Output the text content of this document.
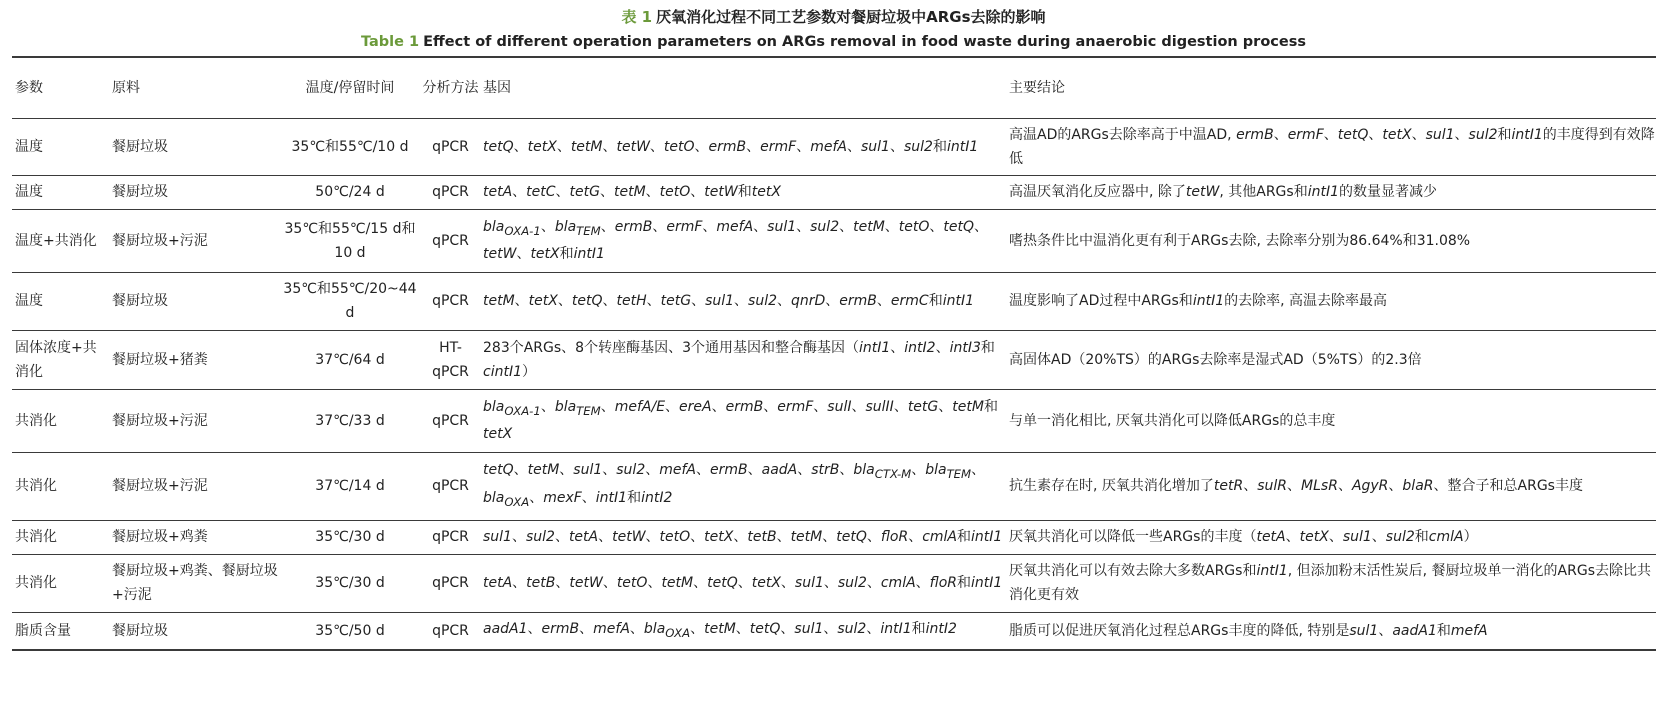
表 1 厌氧消化过程不同工艺参数对餐厨垃圾中ARGs去除的影响
Table 1 Effect of different operation parameters on ARGs removal in food waste during anaerobic digestion process
参数	原料	温度/停留时间	分析方法	基因	主要结论
温度	餐厨垃圾	35℃和55℃/10 d	qPCR	tetQ、tetX、tetM、tetW、tetO、ermB、ermF、mefA、sul1、sul2和intI1	高温AD的ARGs去除率高于中温AD, ermB、ermF、tetQ、tetX、sul1、sul2和intI1的丰度得到有效降低
温度	餐厨垃圾	50℃/24 d	qPCR	tetA、tetC、tetG、tetM、tetO、tetW和tetX	高温厌氧消化反应器中, 除了tetW, 其他ARGs和intI1的数量显著减少
温度+共消化	餐厨垃圾+污泥	35℃和55℃/15 d和10 d	qPCR	bla$_{OXA-1}$、bla$_{TEM}$、ermB、ermF、mefA、sul1、sul2、tetM、tetO、tetQ、tetW、tetX和intI1	嗜热条件比中温消化更有利于ARGs去除, 去除率分别为86.64%和31.08%
温度	餐厨垃圾	35℃和55℃/20~44 d	qPCR	tetM、tetX、tetQ、tetH、tetG、sul1、sul2、qnrD、ermB、ermC和intI1	温度影响了AD过程中ARGs和intI1的去除率, 高温去除率最高
固体浓度+共消化	餐厨垃圾+猪粪	37℃/64 d	HT-qPCR	283个ARGs、8个转座酶基因、3个通用基因和整合酶基因（intI1、intI2、intI3和cintI1）	高固体AD（20%TS）的ARGs去除率是湿式AD（5%TS）的2.3倍
共消化	餐厨垃圾+污泥	37℃/33 d	qPCR	bla$_{OXA-1}$、bla$_{TEM}$、mefA/E、ereA、ermB、ermF、sulI、sulII、tetG、tetM和tetX	与单一消化相比, 厌氧共消化可以降低ARGs的总丰度
共消化	餐厨垃圾+污泥	37℃/14 d	qPCR	tetQ、tetM、sul1、sul2、mefA、ermB、aadA、strB、bla$_{CTX-M}$、bla$_{TEM}$、bla$_{OXA}$、mexF、intI1和intI2	抗生素存在时, 厌氧共消化增加了tetR、sulR、MLsR、AgyR、blaR、整合子和总ARGs丰度
共消化	餐厨垃圾+鸡粪	35℃/30 d	qPCR	sul1、sul2、tetA、tetW、tetO、tetX、tetB、tetM、tetQ、floR、cmlA和intI1	厌氧共消化可以降低一些ARGs的丰度（tetA、tetX、sul1、sul2和cmlA）
共消化	餐厨垃圾+鸡粪、餐厨垃圾+污泥	35℃/30 d	qPCR	tetA、tetB、tetW、tetO、tetM、tetQ、tetX、sul1、sul2、cmlA、floR和intI1	厌氧共消化可以有效去除大多数ARGs和intI1, 但添加粉末活性炭后, 餐厨垃圾单一消化的ARGs去除比共消化更有效
脂质含量	餐厨垃圾	35℃/50 d	qPCR	aadA1、ermB、mefA、bla$_{OXA}$、tetM、tetQ、sul1、sul2、intI1和intI2	脂质可以促进厌氧消化过程总ARGs丰度的降低, 特别是sul1、aadA1和mefA
